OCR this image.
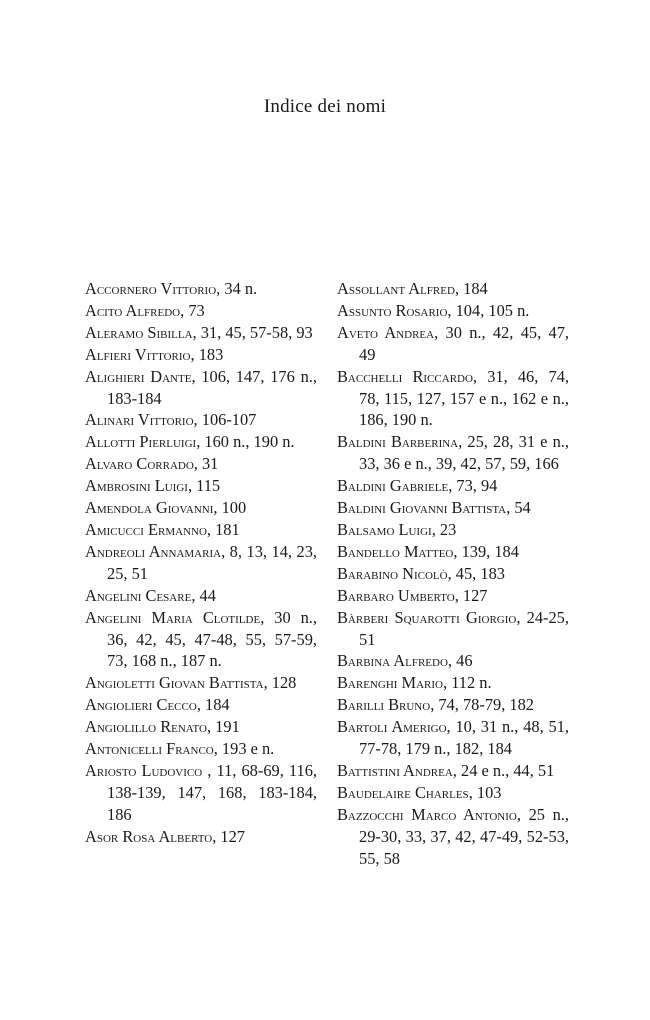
Indice dei nomi
Accornero Vittorio, 34 n.
Acito Alfredo, 73
Aleramo Sibilla, 31, 45, 57-58, 93
Alfieri Vittorio, 183
Alighieri Dante, 106, 147, 176 n., 183-184
Alinari Vittorio, 106-107
Allotti Pierluigi, 160 n., 190 n.
Alvaro Corrado, 31
Ambrosini Luigi, 115
Amendola Giovanni, 100
Amicucci Ermanno, 181
Andreoli Annamaria, 8, 13, 14, 23, 25, 51
Angelini Cesare, 44
Angelini Maria Clotilde, 30 n., 36, 42, 45, 47-48, 55, 57-59, 73, 168 n., 187 n.
Angioletti Giovan Battista, 128
Angiolieri Cecco, 184
Angiolillo Renato, 191
Antonicelli Franco, 193 e n.
Ariosto Ludovico , 11, 68-69, 116, 138-139, 147, 168, 183-184, 186
Asor Rosa Alberto, 127
Assollant Alfred, 184
Assunto Rosario, 104, 105 n.
Aveto Andrea, 30 n., 42, 45, 47, 49
Bacchelli Riccardo, 31, 46, 74, 78, 115, 127, 157 e n., 162 e n., 186, 190 n.
Baldini Barberina, 25, 28, 31 e n., 33, 36 e n., 39, 42, 57, 59, 166
Baldini Gabriele, 73, 94
Baldini Giovanni Battista, 54
Balsamo Luigi, 23
Bandello Matteo, 139, 184
Barabino Nicolò, 45, 183
Barbaro Umberto, 127
Bàrberi Squarotti Giorgio, 24-25, 51
Barbina Alfredo, 46
Barenghi Mario, 112 n.
Barilli Bruno, 74, 78-79, 182
Bartoli Amerigo, 10, 31 n., 48, 51, 77-78, 179 n., 182, 184
Battistini Andrea, 24 e n., 44, 51
Baudelaire Charles, 103
Bazzocchi Marco Antonio, 25 n., 29-30, 33, 37, 42, 47-49, 52-53, 55, 58
